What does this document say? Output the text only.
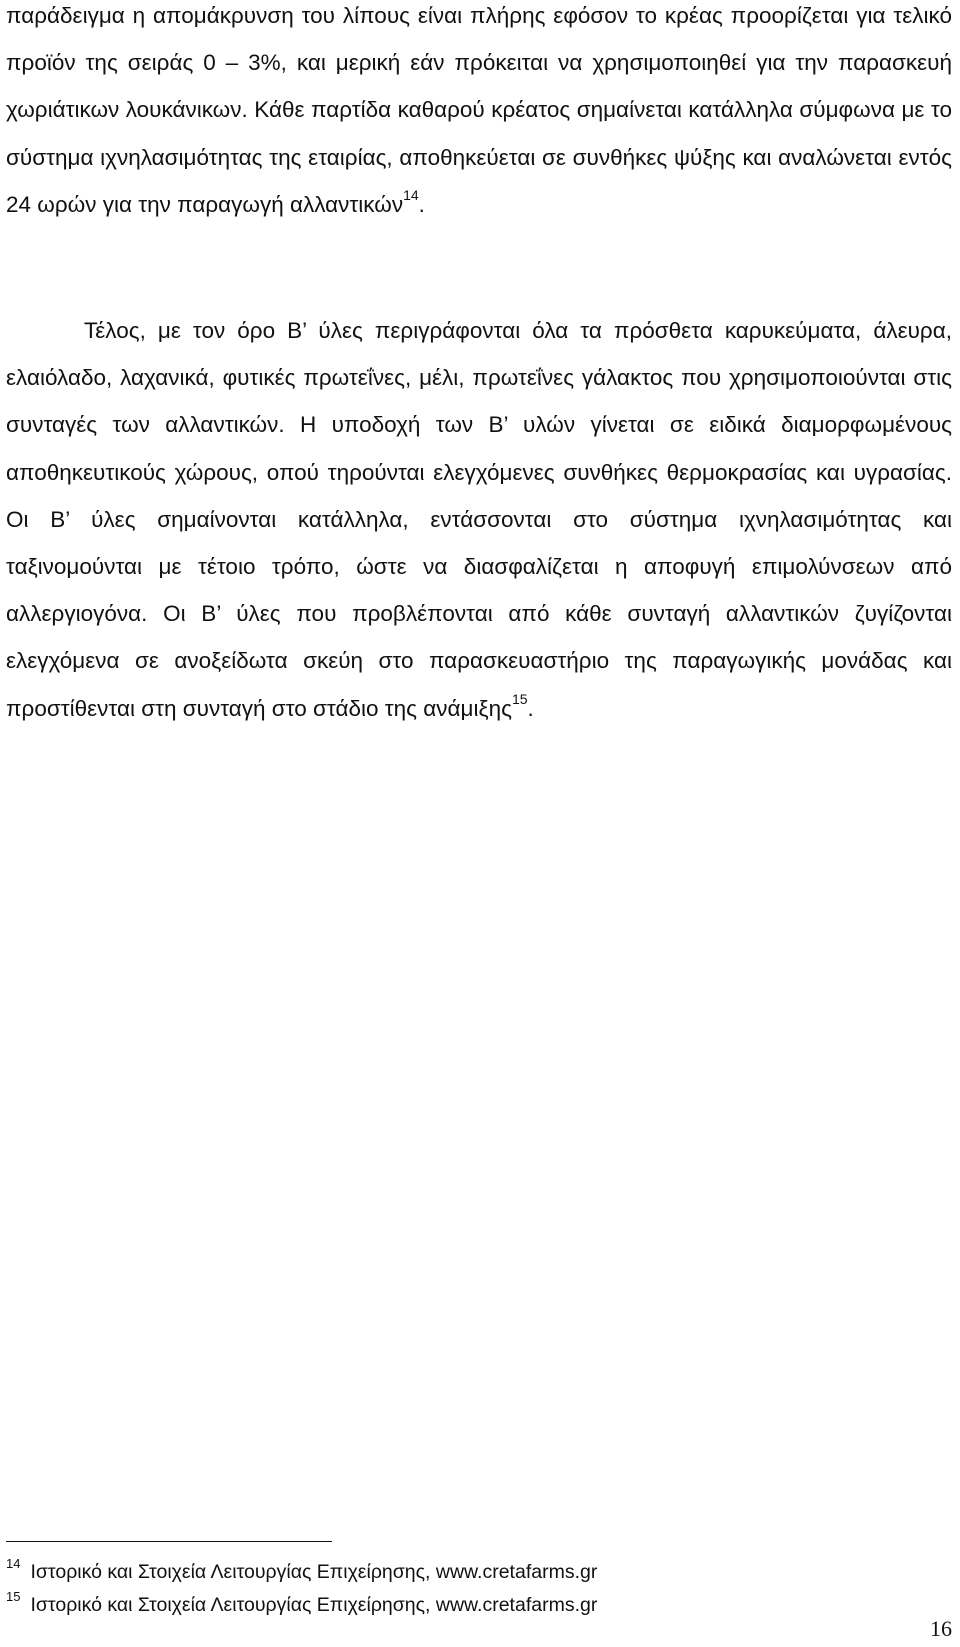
παράδειγμα η απομάκρυνση του λίπους είναι πλήρης εφόσον το κρέας προορίζεται για τελικό προϊόν της σειράς 0 – 3%, και μερική εάν πρόκειται να χρησιμοποιηθεί για την παρασκευή χωριάτικων λουκάνικων. Κάθε παρτίδα καθαρού κρέατος σημαίνεται κατάλληλα σύμφωνα με το σύστημα ιχνηλασιμότητας της εταιρίας, αποθηκεύεται σε συνθήκες ψύξης και αναλώνεται εντός 24 ωρών για την παραγωγή αλλαντικών$^{14}$.

Τέλος, με τον όρο Β’ ύλες περιγράφονται όλα τα πρόσθετα καρυκεύματα, άλευρα, ελαιόλαδο, λαχανικά, φυτικές πρωτεΐνες, μέλι, πρωτεΐνες γάλακτος που χρησιμοποιούνται στις συνταγές των αλλαντικών. Η υποδοχή των Β’ υλών γίνεται σε ειδικά διαμορφωμένους αποθηκευτικούς χώρους, οπού τηρούνται ελεγχόμενες συνθήκες θερμοκρασίας και υγρασίας. Οι Β’ ύλες σημαίνονται κατάλληλα, εντάσσονται στο σύστημα ιχνηλασιμότητας και ταξινομούνται με τέτοιο τρόπο, ώστε να διασφαλίζεται η αποφυγή επιμολύνσεων από αλλεργιογόνα. Οι Β’ ύλες που προβλέπονται από κάθε συνταγή αλλαντικών ζυγίζονται ελεγχόμενα σε ανοξείδωτα σκεύη στο παρασκευαστήριο της παραγωγικής μονάδας και προστίθενται στη συνταγή στο στάδιο της ανάμιξης$^{15}$.

$^{14}$ Ιστορικό και Στοιχεία Λειτουργίας Επιχείρησης, www.cretafarms.gr
$^{15}$ Ιστορικό και Στοιχεία Λειτουργίας Επιχείρησης, www.cretafarms.gr
16
